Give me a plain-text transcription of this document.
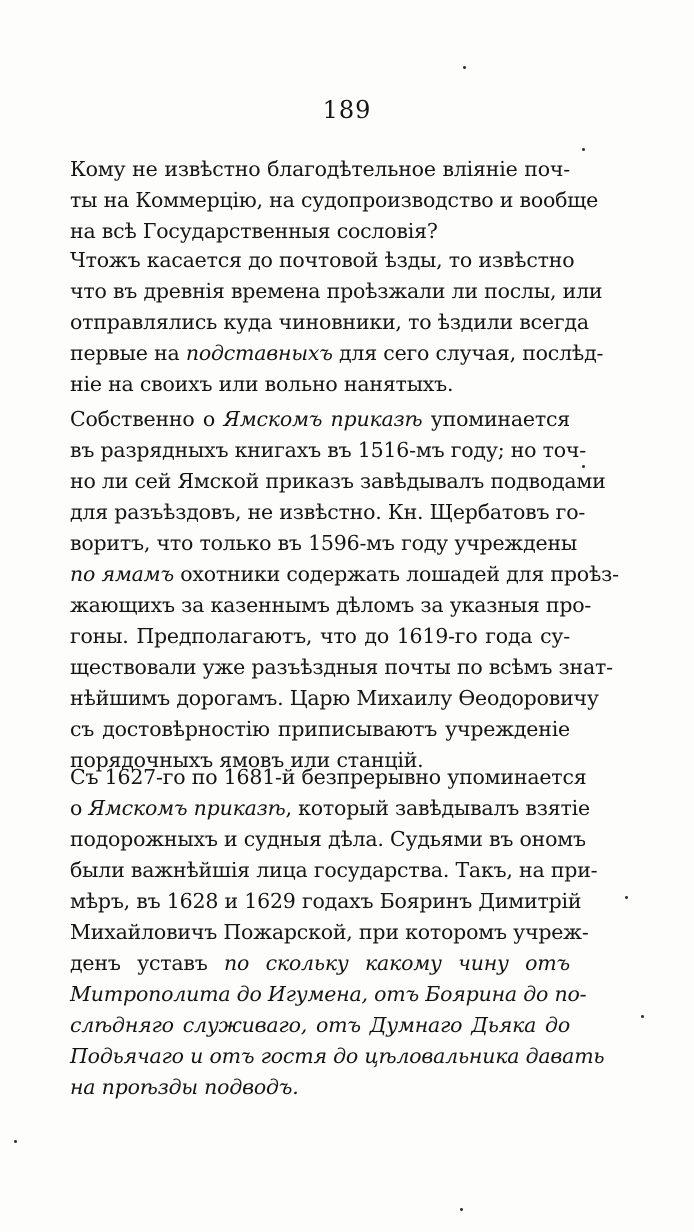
189
Кому не извѣстно благодѣтельное вліяніе поч-
ты на Коммерцію, на судопроизводство и вообще
на всѣ Государственныя сословія?
Чтожъ касается до почтовой ѣзды, то извѣстно
что въ древнія времена проѣзжали ли послы, или
отправлялись куда чиновники, то ѣздили всегда
первые на подставныхъ для сего случая, послѣд-
ніе на своихъ или вольно нанятыхъ.
Собственно о Ямскомъ приказѣ упоминается
въ разрядныхъ книгахъ въ 1516-мъ году; но точ-
но ли сей Ямской приказъ завѣдывалъ подводами
для разъѣздовъ, не извѣстно. Кн. Щербатовъ го-
воритъ, что только въ 1596-мъ году учреждены
по ямамъ охотники содержать лошадей для проѣз-
жающихъ за казеннымъ дѣломъ за указныя про-
гоны. Предполагаютъ, что до 1619-го года су-
ществовали уже разъѣздныя почты по всѣмъ знат-
нѣйшимъ дорогамъ. Царю Михаилу Ѳеодоровичу
съ достовѣрностію приписываютъ учрежденіе
порядочныхъ ямовъ или станцій.
Съ 1627-го по 1681-й безпрерывно упоминается
о Ямскомъ приказѣ, который завѣдывалъ взятіе
подорожныхъ и судныя дѣла. Судьями въ ономъ
были важнѣйшія лица государства. Такъ, на при-
мѣръ, въ 1628 и 1629 годахъ Бояринъ Димитрій
Михайловичъ Пожарской, при которомъ учреж-
денъ уставъ по скольку какому чину отъ
Митрополита до Игумена, отъ Боярина до по-
слѣдняго служиваго, отъ Думнаго Дьяка до
Подьячаго и отъ гостя до цѣловальника давать
на проѣзды подводъ.
